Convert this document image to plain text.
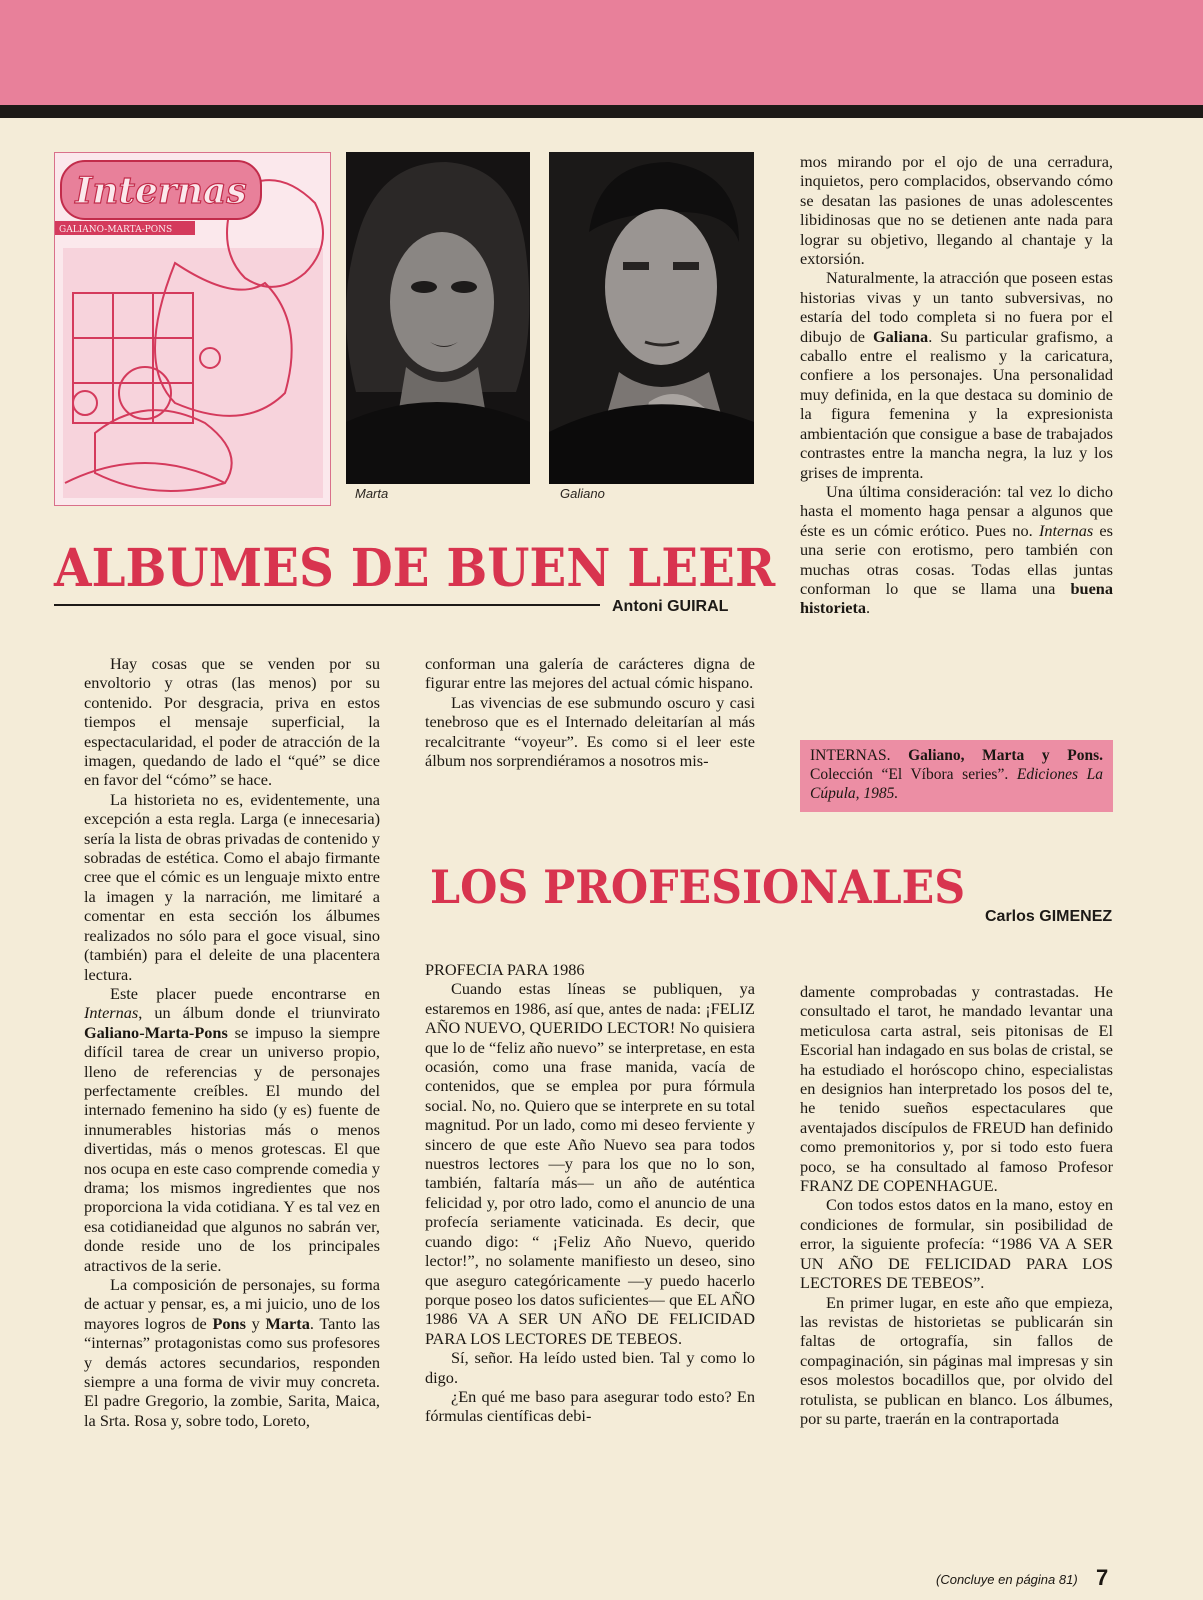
Internas
GALIANO-MARTA-PONS
Marta	Galiano
ALBUMES DE BUEN LEER
Antoni GUIRAL

Hay cosas que se venden por su envoltorio y otras (las menos) por su contenido. Por desgracia, priva en estos tiempos el mensaje superficial, la espectacularidad, el poder de atracción de la imagen, quedando de lado el “qué” se dice en favor del “cómo” se hace.

La historieta no es, evidentemente, una excepción a esta regla. Larga (e innecesaria) sería la lista de obras privadas de contenido y sobradas de estética. Como el abajo firmante cree que el cómic es un lenguaje mixto entre la imagen y la narración, me limitaré a comentar en esta sección los álbumes realizados no sólo para el goce visual, sino (también) para el deleite de una placentera lectura.

Este placer puede encontrarse en Internas, un álbum donde el triunvirato Galiano-Marta-Pons se impuso la siempre difícil tarea de crear un universo propio, lleno de referencias y de personajes perfectamente creíbles. El mundo del internado femenino ha sido (y es) fuente de innumerables historias más o menos divertidas, más o menos grotescas. El que nos ocupa en este caso comprende comedia y drama; los mismos ingredientes que nos proporciona la vida cotidiana. Y es tal vez en esa cotidianeidad que algunos no sabrán ver, donde reside uno de los principales atractivos de la serie.

La composición de personajes, su forma de actuar y pensar, es, a mi juicio, uno de los mayores logros de Pons y Marta. Tanto las “internas” protagonistas como sus profesores y demás actores secundarios, responden siempre a una forma de vivir muy concreta. El padre Gregorio, la zombie, Sarita, Maica, la Srta. Rosa y, sobre todo, Loreto,

conforman una galería de carácteres digna de figurar entre las mejores del actual cómic hispano.

Las vivencias de ese submundo oscuro y casi tenebroso que es el Internado deleitarían al más recalcitrante “voyeur”. Es como si el leer este álbum nos sorprendiéramos a nosotros mis-

mos mirando por el ojo de una cerradura, inquietos, pero complacidos, observando cómo se desatan las pasiones de unas adolescentes libidinosas que no se detienen ante nada para lograr su objetivo, llegando al chantaje y la extorsión.

Naturalmente, la atracción que poseen estas historias vivas y un tanto subversivas, no estaría del todo completa si no fuera por el dibujo de Galiana. Su particular grafismo, a caballo entre el realismo y la caricatura, confiere a los personajes. Una personalidad muy definida, en la que destaca su dominio de la figura femenina y la expresionista ambientación que consigue a base de trabajados contrastes entre la mancha negra, la luz y los grises de imprenta.

Una última consideración: tal vez lo dicho hasta el momento haga pensar a algunos que éste es un cómic erótico. Pues no. Internas es una serie con erotismo, pero también con muchas otras cosas. Todas ellas juntas conforman lo que se llama una buena historieta.

INTERNAS. Galiano, Marta y Pons. Colección “El Víbora series”. Ediciones La Cúpula, 1985.
LOS PROFESIONALES
Carlos GIMENEZ

PROFECIA PARA 1986

Cuando estas líneas se publiquen, ya estaremos en 1986, así que, antes de nada: ¡FELIZ AÑO NUEVO, QUERIDO LECTOR! No quisiera que lo de “feliz año nuevo” se interpretase, en esta ocasión, como una frase manida, vacía de contenidos, que se emplea por pura fórmula social. No, no. Quiero que se interprete en su total magnitud. Por un lado, como mi deseo ferviente y sincero de que este Año Nuevo sea para todos nuestros lectores —y para los que no lo son, también, faltaría más— un año de auténtica felicidad y, por otro lado, como el anuncio de una profecía seriamente vaticinada. Es decir, que cuando digo: “ ¡Feliz Año Nuevo, querido lector!”, no solamente manifiesto un deseo, sino que aseguro categóricamente —y puedo hacerlo porque poseo los datos suficientes— que EL AÑO 1986 VA A SER UN AÑO DE FELICIDAD PARA LOS LECTORES DE TEBEOS.

Sí, señor. Ha leído usted bien. Tal y como lo digo.

¿En qué me baso para asegurar todo esto? En fórmulas científicas debi-

damente comprobadas y contrastadas. He consultado el tarot, he mandado levantar una meticulosa carta astral, seis pitonisas de El Escorial han indagado en sus bolas de cristal, se ha estudiado el horóscopo chino, especialistas en designios han interpretado los posos del te, he tenido sueños espectaculares que aventajados discípulos de FREUD han definido como premonitorios y, por si todo esto fuera poco, se ha consultado al famoso Profesor FRANZ DE COPENHAGUE.

Con todos estos datos en la mano, estoy en condiciones de formular, sin posibilidad de error, la siguiente profecía: “1986 VA A SER UN AÑO DE FELICIDAD PARA LOS LECTORES DE TEBEOS”.

En primer lugar, en este año que empieza, las revistas de historietas se publicarán sin faltas de ortografía, sin fallos de compaginación, sin páginas mal impresas y sin esos molestos bocadillos que, por olvido del rotulista, se publican en blanco. Los álbumes, por su parte, traerán en la contraportada

(Concluye en página 81) 7
